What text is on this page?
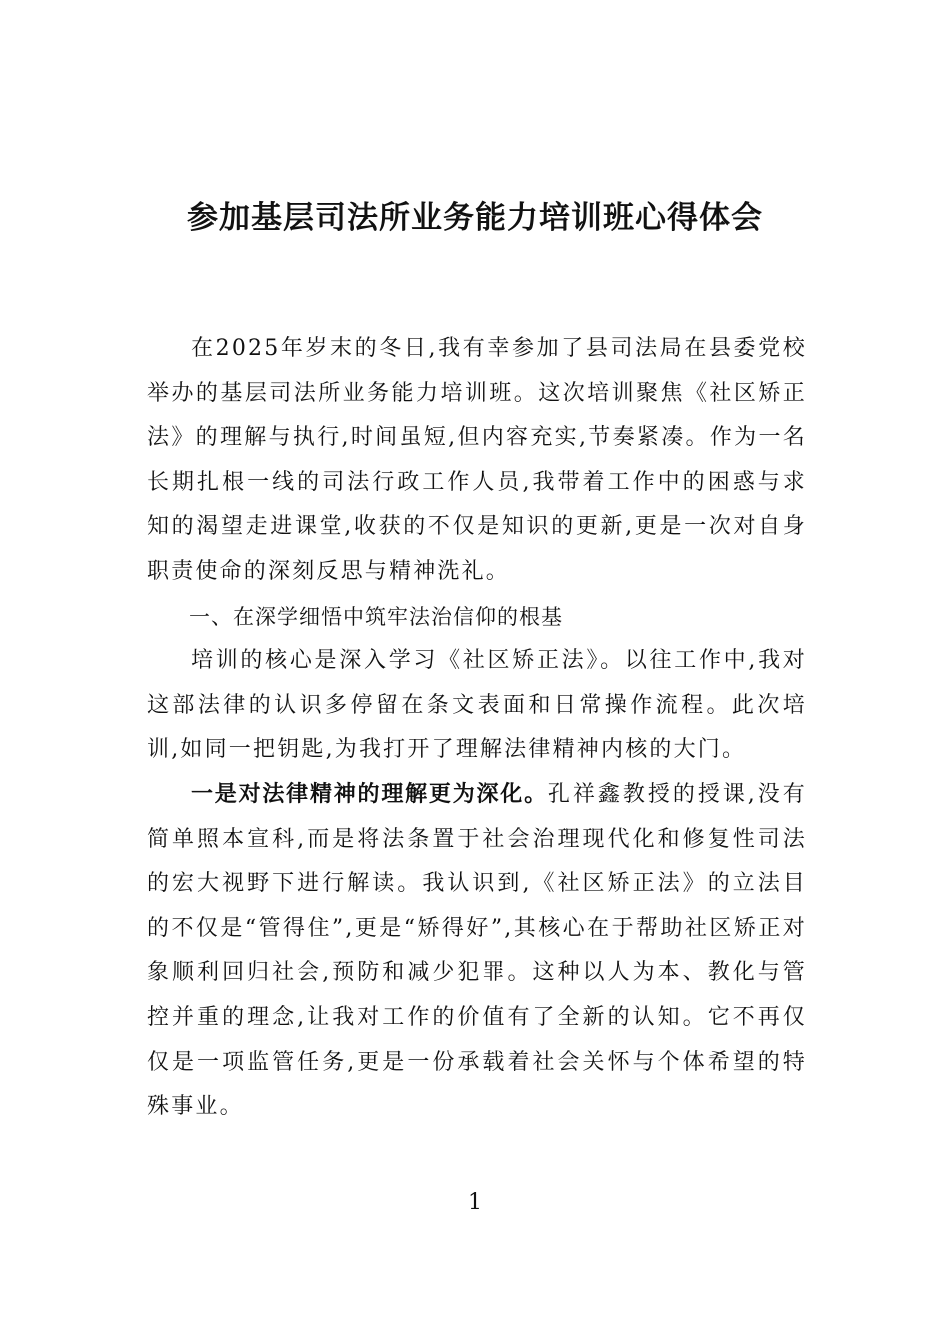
参加基层司法所业务能力培训班心得体会

在2025年岁末的冬日,我有幸参加了县司法局在县委党校举办的基层司法所业务能力培训班。这次培训聚焦《社区矫正法》的理解与执行,时间虽短,但内容充实,节奏紧凑。作为一名长期扎根一线的司法行政工作人员,我带着工作中的困惑与求知的渴望走进课堂,收获的不仅是知识的更新,更是一次对自身职责使命的深刻反思与精神洗礼。

一、在深学细悟中筑牢法治信仰的根基

培训的核心是深入学习《社区矫正法》。以往工作中,我对这部法律的认识多停留在条文表面和日常操作流程。此次培训,如同一把钥匙,为我打开了理解法律精神内核的大门。

一是对法律精神的理解更为深化。孔祥鑫教授的授课,没有简单照本宣科,而是将法条置于社会治理现代化和修复性司法的宏大视野下进行解读。我认识到,《社区矫正法》的立法目的不仅是“管得住”,更是“矫得好”,其核心在于帮助社区矫正对象顺利回归社会,预防和减少犯罪。这种以人为本、教化与管控并重的理念,让我对工作的价值有了全新的认知。它不再仅仅是一项监管任务,更是一份承载着社会关怀与个体希望的特殊事业。

1
